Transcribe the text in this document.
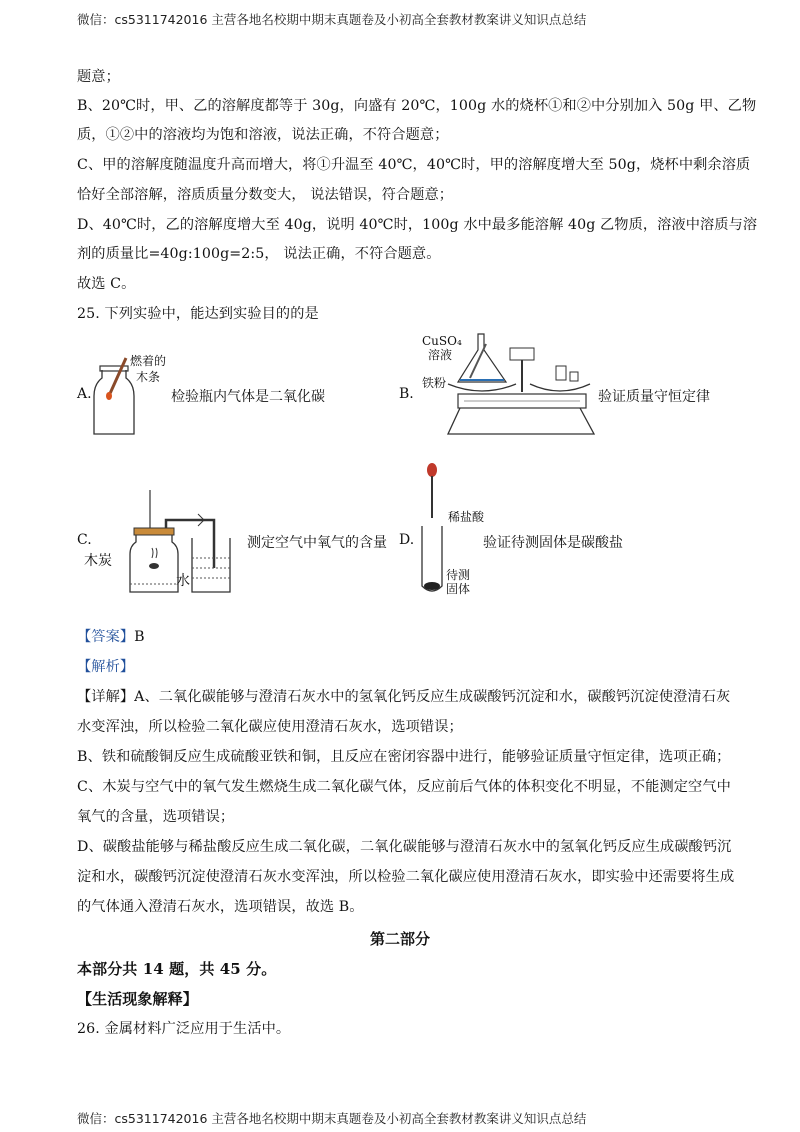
微信：cs5311742016 主营各地名校期中期末真题卷及小初高全套教材教案讲义知识点总结
题意；
B、20℃时，甲、乙的溶解度都等于 30g，向盛有 20℃，100g 水的烧杯①和②中分别加入 50g 甲、乙物
质，①②中的溶液均为饱和溶液，说法正确，不符合题意；
C、甲的溶解度随温度升高而增大，将①升温至 40℃，40℃时，甲的溶解度增大至 50g，烧杯中剩余溶质
恰好全部溶解，溶质质量分数变大， 说法错误，符合题意；
D、40℃时，乙的溶解度增大至 40g，说明 40℃时，100g 水中最多能溶解 40g 乙物质，溶液中溶质与溶
剂的质量比=40g:100g=2:5， 说法正确，不符合题意。
故选 C。
25. 下列实验中，能达到实验目的的是
A.
燃着的
木条
检验瓶内气体是二氧化碳	B.
CuSO₄
溶液
铁粉
验证质量守恒定律
C.
木炭
水
测定空气中氧气的含量 D.
稀盐酸
待测
固体
验证待测固体是碳酸盐
【答案】B
【解析】
【详解】A、二氧化碳能够与澄清石灰水中的氢氧化钙反应生成碳酸钙沉淀和水，碳酸钙沉淀使澄清石灰
水变浑浊，所以检验二氧化碳应使用澄清石灰水，选项错误；
B、铁和硫酸铜反应生成硫酸亚铁和铜，且反应在密闭容器中进行，能够验证质量守恒定律，选项正确；
C、木炭与空气中的氧气发生燃烧生成二氧化碳气体，反应前后气体的体积变化不明显，不能测定空气中
氧气的含量，选项错误；
D、碳酸盐能够与稀盐酸反应生成二氧化碳，二氧化碳能够与澄清石灰水中的氢氧化钙反应生成碳酸钙沉
淀和水，碳酸钙沉淀使澄清石灰水变浑浊，所以检验二氧化碳应使用澄清石灰水，即实验中还需要将生成
的气体通入澄清石灰水，选项错误，故选 B。
第二部分
本部分共 14 题，共 45 分。
【生活现象解释】
26. 金属材料广泛应用于生活中。
微信：cs5311742016 主营各地名校期中期末真题卷及小初高全套教材教案讲义知识点总结
